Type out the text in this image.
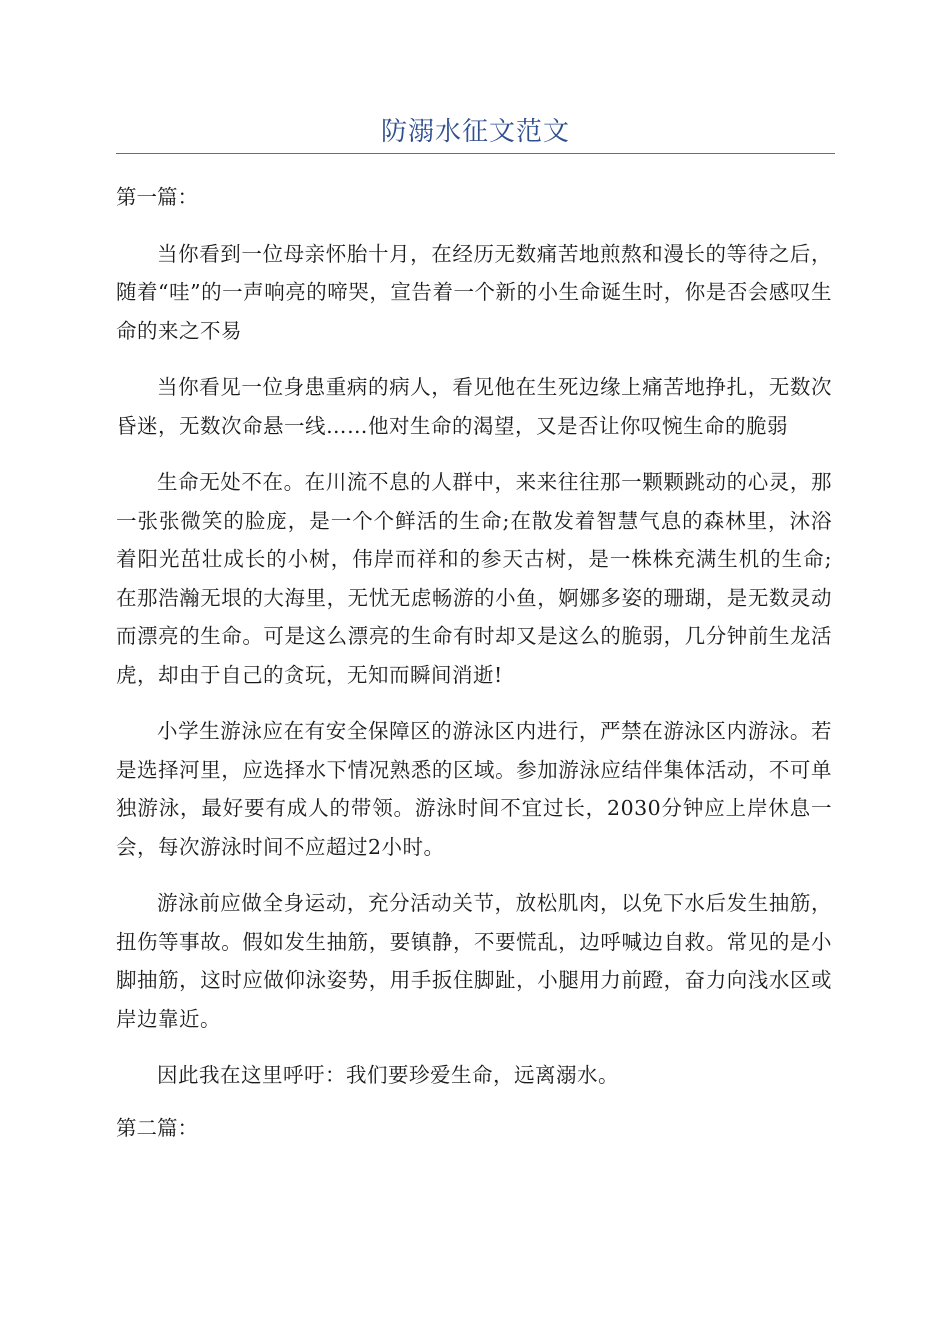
防溺水征文范文
第一篇：

当你看到一位母亲怀胎十月，在经历无数痛苦地煎熬和漫长的等待之后，随着“哇”的一声响亮的啼哭，宣告着一个新的小生命诞生时，你是否会感叹生命的来之不易

当你看见一位身患重病的病人，看见他在生死边缘上痛苦地挣扎，无数次昏迷，无数次命悬一线……他对生命的渴望，又是否让你叹惋生命的脆弱

生命无处不在。在川流不息的人群中，来来往往那一颗颗跳动的心灵，那一张张微笑的脸庞，是一个个鲜活的生命;在散发着智慧气息的森林里，沐浴着阳光茁壮成长的小树，伟岸而祥和的参天古树，是一株株充满生机的生命;在那浩瀚无垠的大海里，无忧无虑畅游的小鱼，婀娜多姿的珊瑚，是无数灵动而漂亮的生命。可是这么漂亮的生命有时却又是这么的脆弱，几分钟前生龙活虎，却由于自己的贪玩，无知而瞬间消逝!

小学生游泳应在有安全保障区的游泳区内进行，严禁在游泳区内游泳。若是选择河里，应选择水下情况熟悉的区域。参加游泳应结伴集体活动，不可单独游泳，最好要有成人的带领。游泳时间不宜过长，2030分钟应上岸休息一会，每次游泳时间不应超过2小时。

游泳前应做全身运动，充分活动关节，放松肌肉，以免下水后发生抽筋，扭伤等事故。假如发生抽筋，要镇静，不要慌乱，边呼喊边自救。常见的是小脚抽筋，这时应做仰泳姿势，用手扳住脚趾，小腿用力前蹬，奋力向浅水区或岸边靠近。

因此我在这里呼吁：我们要珍爱生命，远离溺水。

第二篇：
